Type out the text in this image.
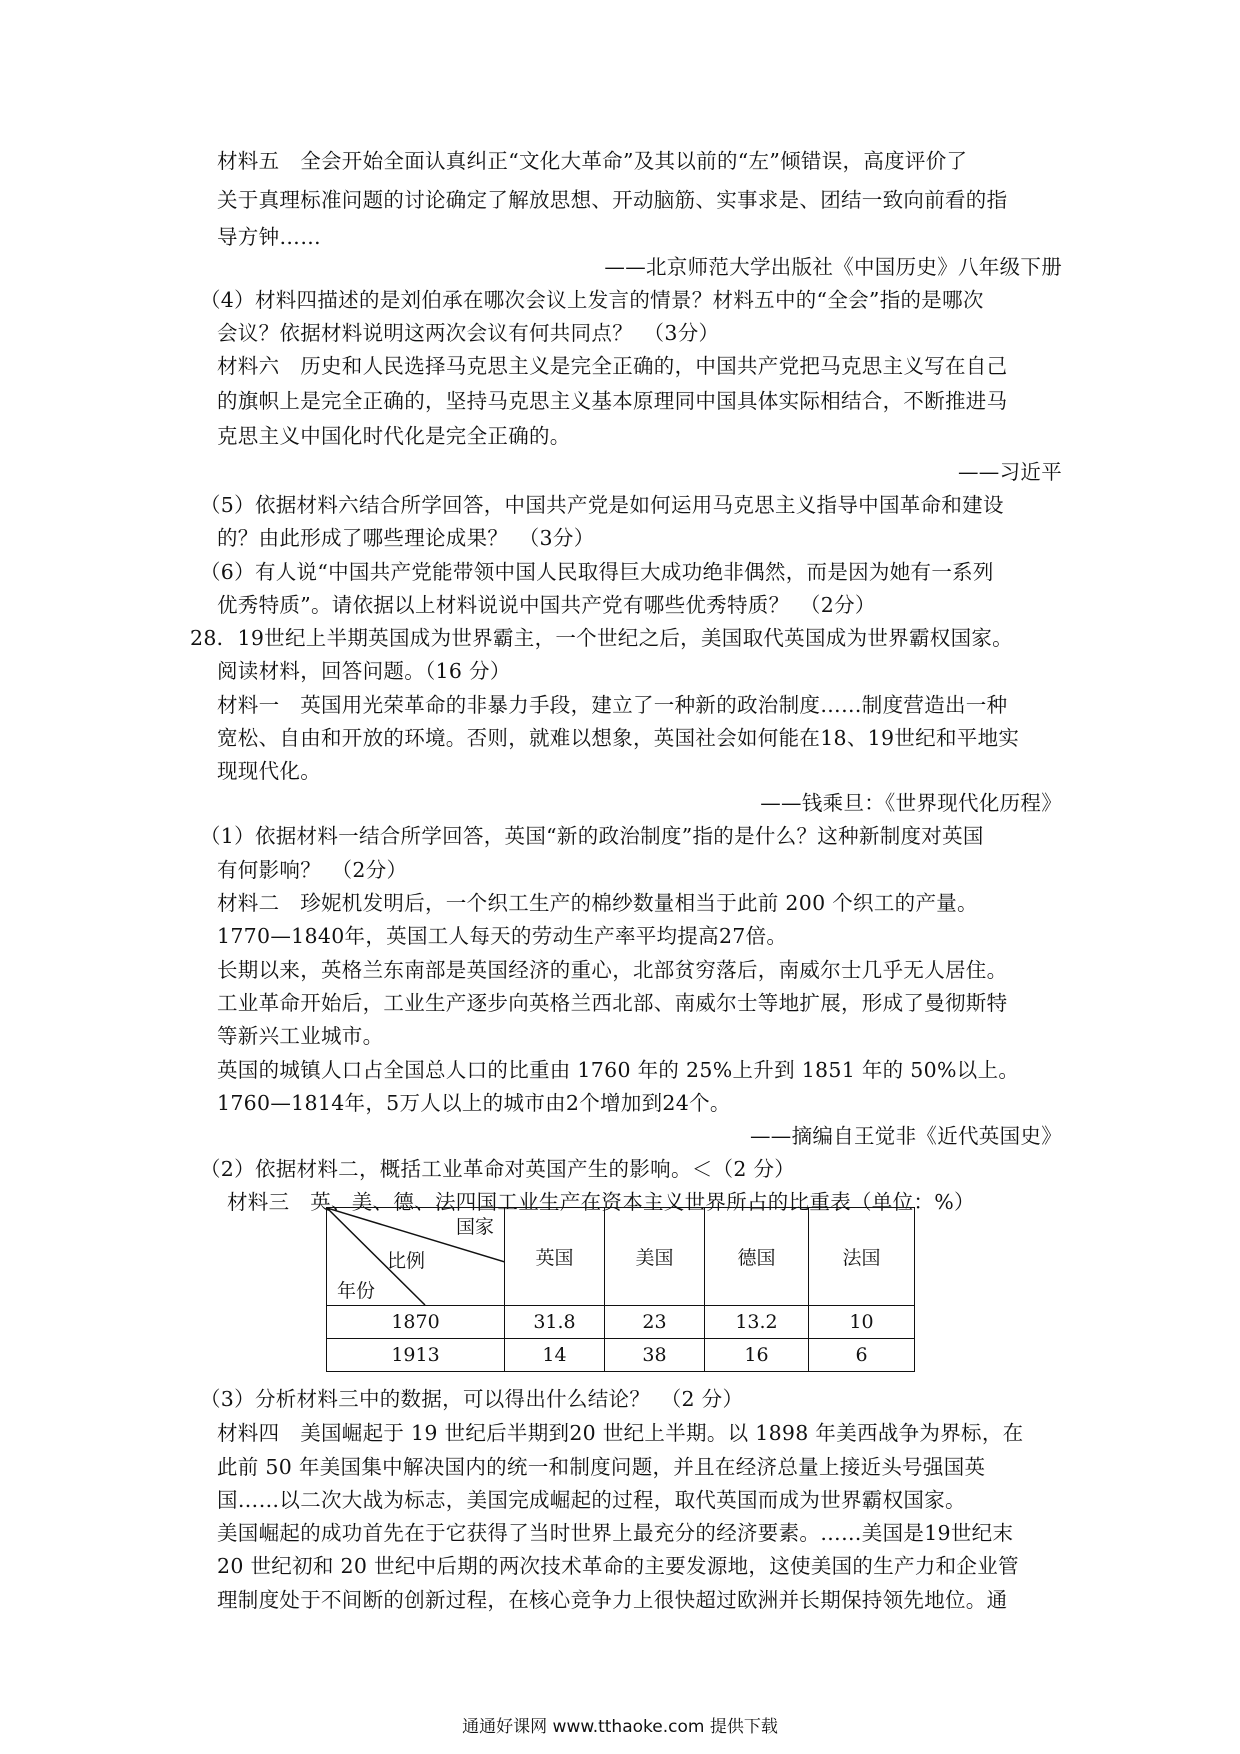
材料五　全会开始全面认真纠正“文化大革命”及其以前的“左”倾错误，高度评价了
关于真理标准问题的讨论确定了解放思想、开动脑筋、实事求是、团结一致向前看的指
导方钟……
——北京师范大学出版社《中国历史》八年级下册
（4）材料四描述的是刘伯承在哪次会议上发言的情景？材料五中的“全会”指的是哪次
会议？依据材料说明这两次会议有何共同点？　（3分）
材料六　历史和人民选择马克思主义是完全正确的，中国共产党把马克思主义写在自己
的旗帜上是完全正确的，坚持马克思主义基本原理同中国具体实际相结合，不断推进马
克思主义中国化时代化是完全正确的。
——习近平
（5）依据材料六结合所学回答，中国共产党是如何运用马克思主义指导中国革命和建设
的？由此形成了哪些理论成果？　（3分）
（6）有人说“中国共产党能带领中国人民取得巨大成功绝非偶然，而是因为她有一系列
优秀特质”。请依据以上材料说说中国共产党有哪些优秀特质？　（2分）
28．19世纪上半期英国成为世界霸主，一个世纪之后，美国取代英国成为世界霸权国家。
阅读材料，回答问题。（16 分）
材料一　英国用光荣革命的非暴力手段，建立了一种新的政治制度……制度营造出一种
宽松、自由和开放的环境。否则，就难以想象，英国社会如何能在18、19世纪和平地实
现现代化。
——钱乘旦：《世界现代化历程》
（1）依据材料一结合所学回答，英国“新的政治制度”指的是什么？这种新制度对英国
有何影响？　（2分）
材料二　珍妮机发明后，一个织工生产的棉纱数量相当于此前 200 个织工的产量。
1770—1840年，英国工人每天的劳动生产率平均提高27倍。
长期以来，英格兰东南部是英国经济的重心，北部贫穷落后，南威尔士几乎无人居住。
工业革命开始后，工业生产逐步向英格兰西北部、南威尔士等地扩展，形成了曼彻斯特
等新兴工业城市。
英国的城镇人口占全国总人口的比重由 1760 年的 25%上升到 1851 年的 50%以上。
1760—1814年，5万人以上的城市由2个增加到24个。
——摘编自王觉非《近代英国史》
（2）依据材料二，概括工业革命对英国产生的影响。＜（2 分）
材料三　英、美、德、法四国工业生产在资本主义世界所占的比重表（单位：%）
国家
比例
年份	英国	美国	德国	法国
1870	31.8	23	13.2	10
1913	14	38	16	6
（3）分析材料三中的数据，可以得出什么结论？　（2 分）
材料四　美国崛起于 19 世纪后半期到20 世纪上半期。以 1898 年美西战争为界标，在
此前 50 年美国集中解决国内的统一和制度问题，并且在经济总量上接近头号强国英
国……以二次大战为标志，美国完成崛起的过程，取代英国而成为世界霸权国家。
美国崛起的成功首先在于它获得了当时世界上最充分的经济要素。……美国是19世纪末
20 世纪初和 20 世纪中后期的两次技术革命的主要发源地，这使美国的生产力和企业管
理制度处于不间断的创新过程，在核心竞争力上很快超过欧洲并长期保持领先地位。通
通通好课网 www.tthaoke.com 提供下载
